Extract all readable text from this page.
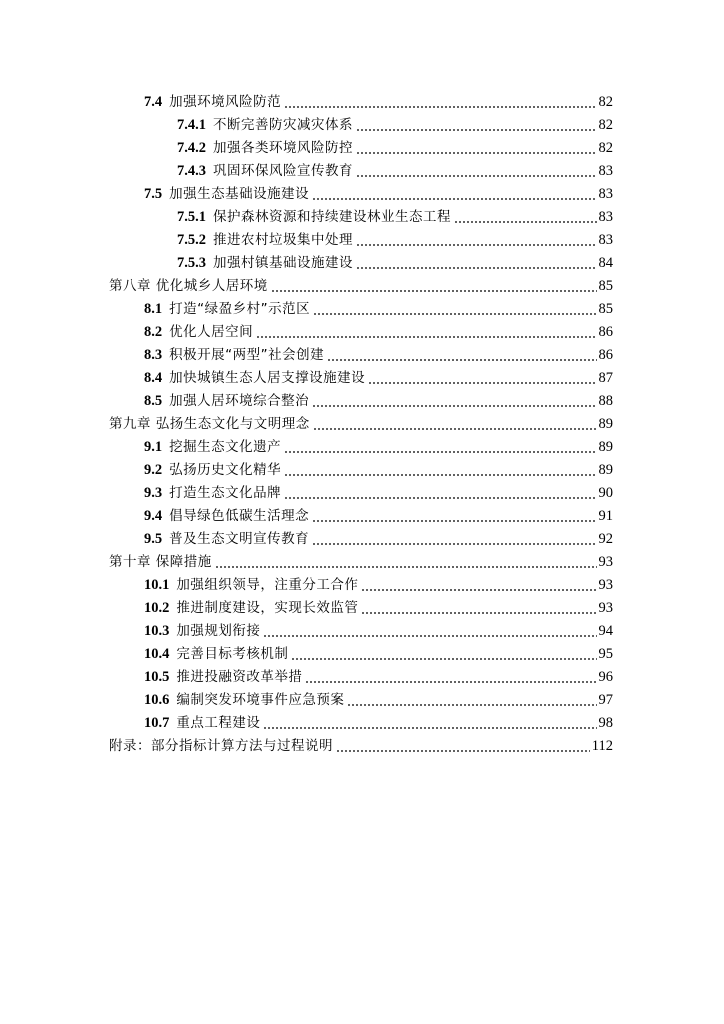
7.4 加强环境风险防范	82
7.4.1 不断完善防灾减灾体系	82
7.4.2 加强各类环境风险防控	82
7.4.3 巩固环保风险宣传教育	83
7.5 加强生态基础设施建设	83
7.5.1 保护森林资源和持续建设林业生态工程	83
7.5.2 推进农村垃圾集中处理	83
7.5.3 加强村镇基础设施建设	84
第八章 优化城乡人居环境	85
8.1 打造“绿盈乡村”示范区	85
8.2 优化人居空间	86
8.3 积极开展“两型”社会创建	86
8.4 加快城镇生态人居支撑设施建设	87
8.5 加强人居环境综合整治	88
第九章 弘扬生态文化与文明理念	89
9.1 挖掘生态文化遗产	89
9.2 弘扬历史文化精华	89
9.3 打造生态文化品牌	90
9.4 倡导绿色低碳生活理念	91
9.5 普及生态文明宣传教育	92
第十章 保障措施	93
10.1 加强组织领导，注重分工合作	93
10.2 推进制度建设，实现长效监管	93
10.3 加强规划衔接	94
10.4 完善目标考核机制	95
10.5 推进投融资改革举措	96
10.6 编制突发环境事件应急预案	97
10.7 重点工程建设	98
附录：部分指标计算方法与过程说明	112
